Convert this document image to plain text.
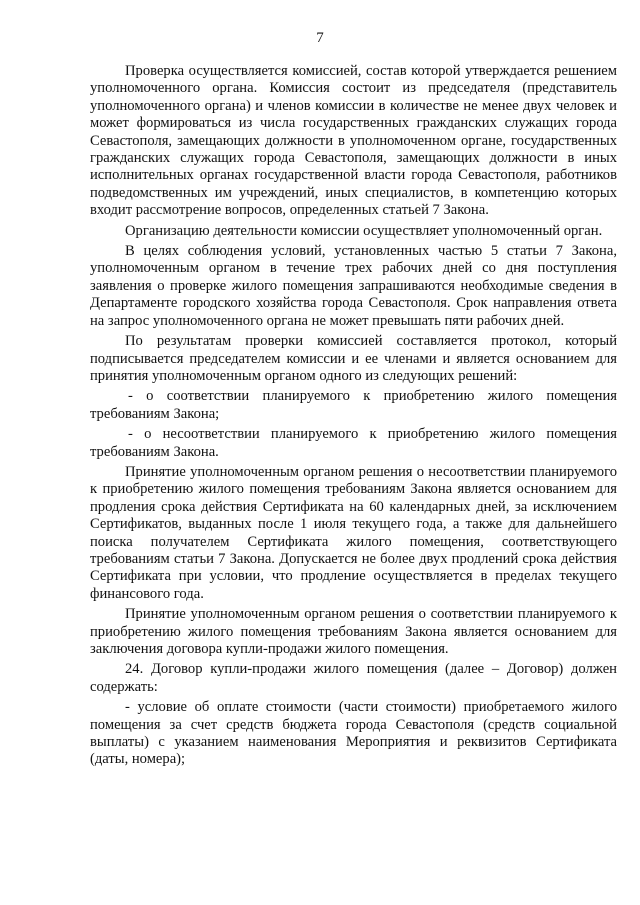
7

Проверка осуществляется комиссией, состав которой утверждается решением уполномоченного органа. Комиссия состоит из председателя (представитель уполномоченного органа) и членов комиссии в количестве не менее двух человек и может формироваться из числа государственных гражданских служащих города Севастополя, замещающих должности в уполномоченном органе, государственных гражданских служащих города Севастополя, замещающих должности в иных исполнительных органах государственной власти города Севастополя, работников подведомственных им учреждений, иных специалистов, в компетенцию которых входит рассмотрение вопросов, определенных статьей 7 Закона.

Организацию деятельности комиссии осуществляет уполномоченный орган.

В целях соблюдения условий, установленных частью 5 статьи 7 Закона, уполномоченным органом в течение трех рабочих дней со дня поступления заявления о проверке жилого помещения запрашиваются необходимые сведения в Департаменте городского хозяйства города Севастополя. Срок направления ответа на запрос уполномоченного органа не может превышать пяти рабочих дней.

По результатам проверки комиссией составляется протокол, который подписывается председателем комиссии и ее членами и является основанием для принятия уполномоченным органом одного из следующих решений:

- о соответствии планируемого к приобретению жилого помещения требованиям Закона;

- о несоответствии планируемого к приобретению жилого помещения требованиям Закона.

Принятие уполномоченным органом решения о несоответствии планируемого к приобретению жилого помещения требованиям Закона является основанием для продления срока действия Сертификата на 60 календарных дней, за исключением Сертификатов, выданных после 1 июля текущего года, а также для дальнейшего поиска получателем Сертификата жилого помещения, соответствующего требованиям статьи 7 Закона. Допускается не более двух продлений срока действия Сертификата при условии, что продление осуществляется в пределах текущего финансового года.

Принятие уполномоченным органом решения о соответствии планируемого к приобретению жилого помещения требованиям Закона является основанием для заключения договора купли-продажи жилого помещения.

24. Договор купли-продажи жилого помещения (далее – Договор) должен содержать:

- условие об оплате стоимости (части стоимости) приобретаемого жилого помещения за счет средств бюджета города Севастополя (средств социальной выплаты) с указанием наименования Мероприятия и реквизитов Сертификата (даты, номера);
